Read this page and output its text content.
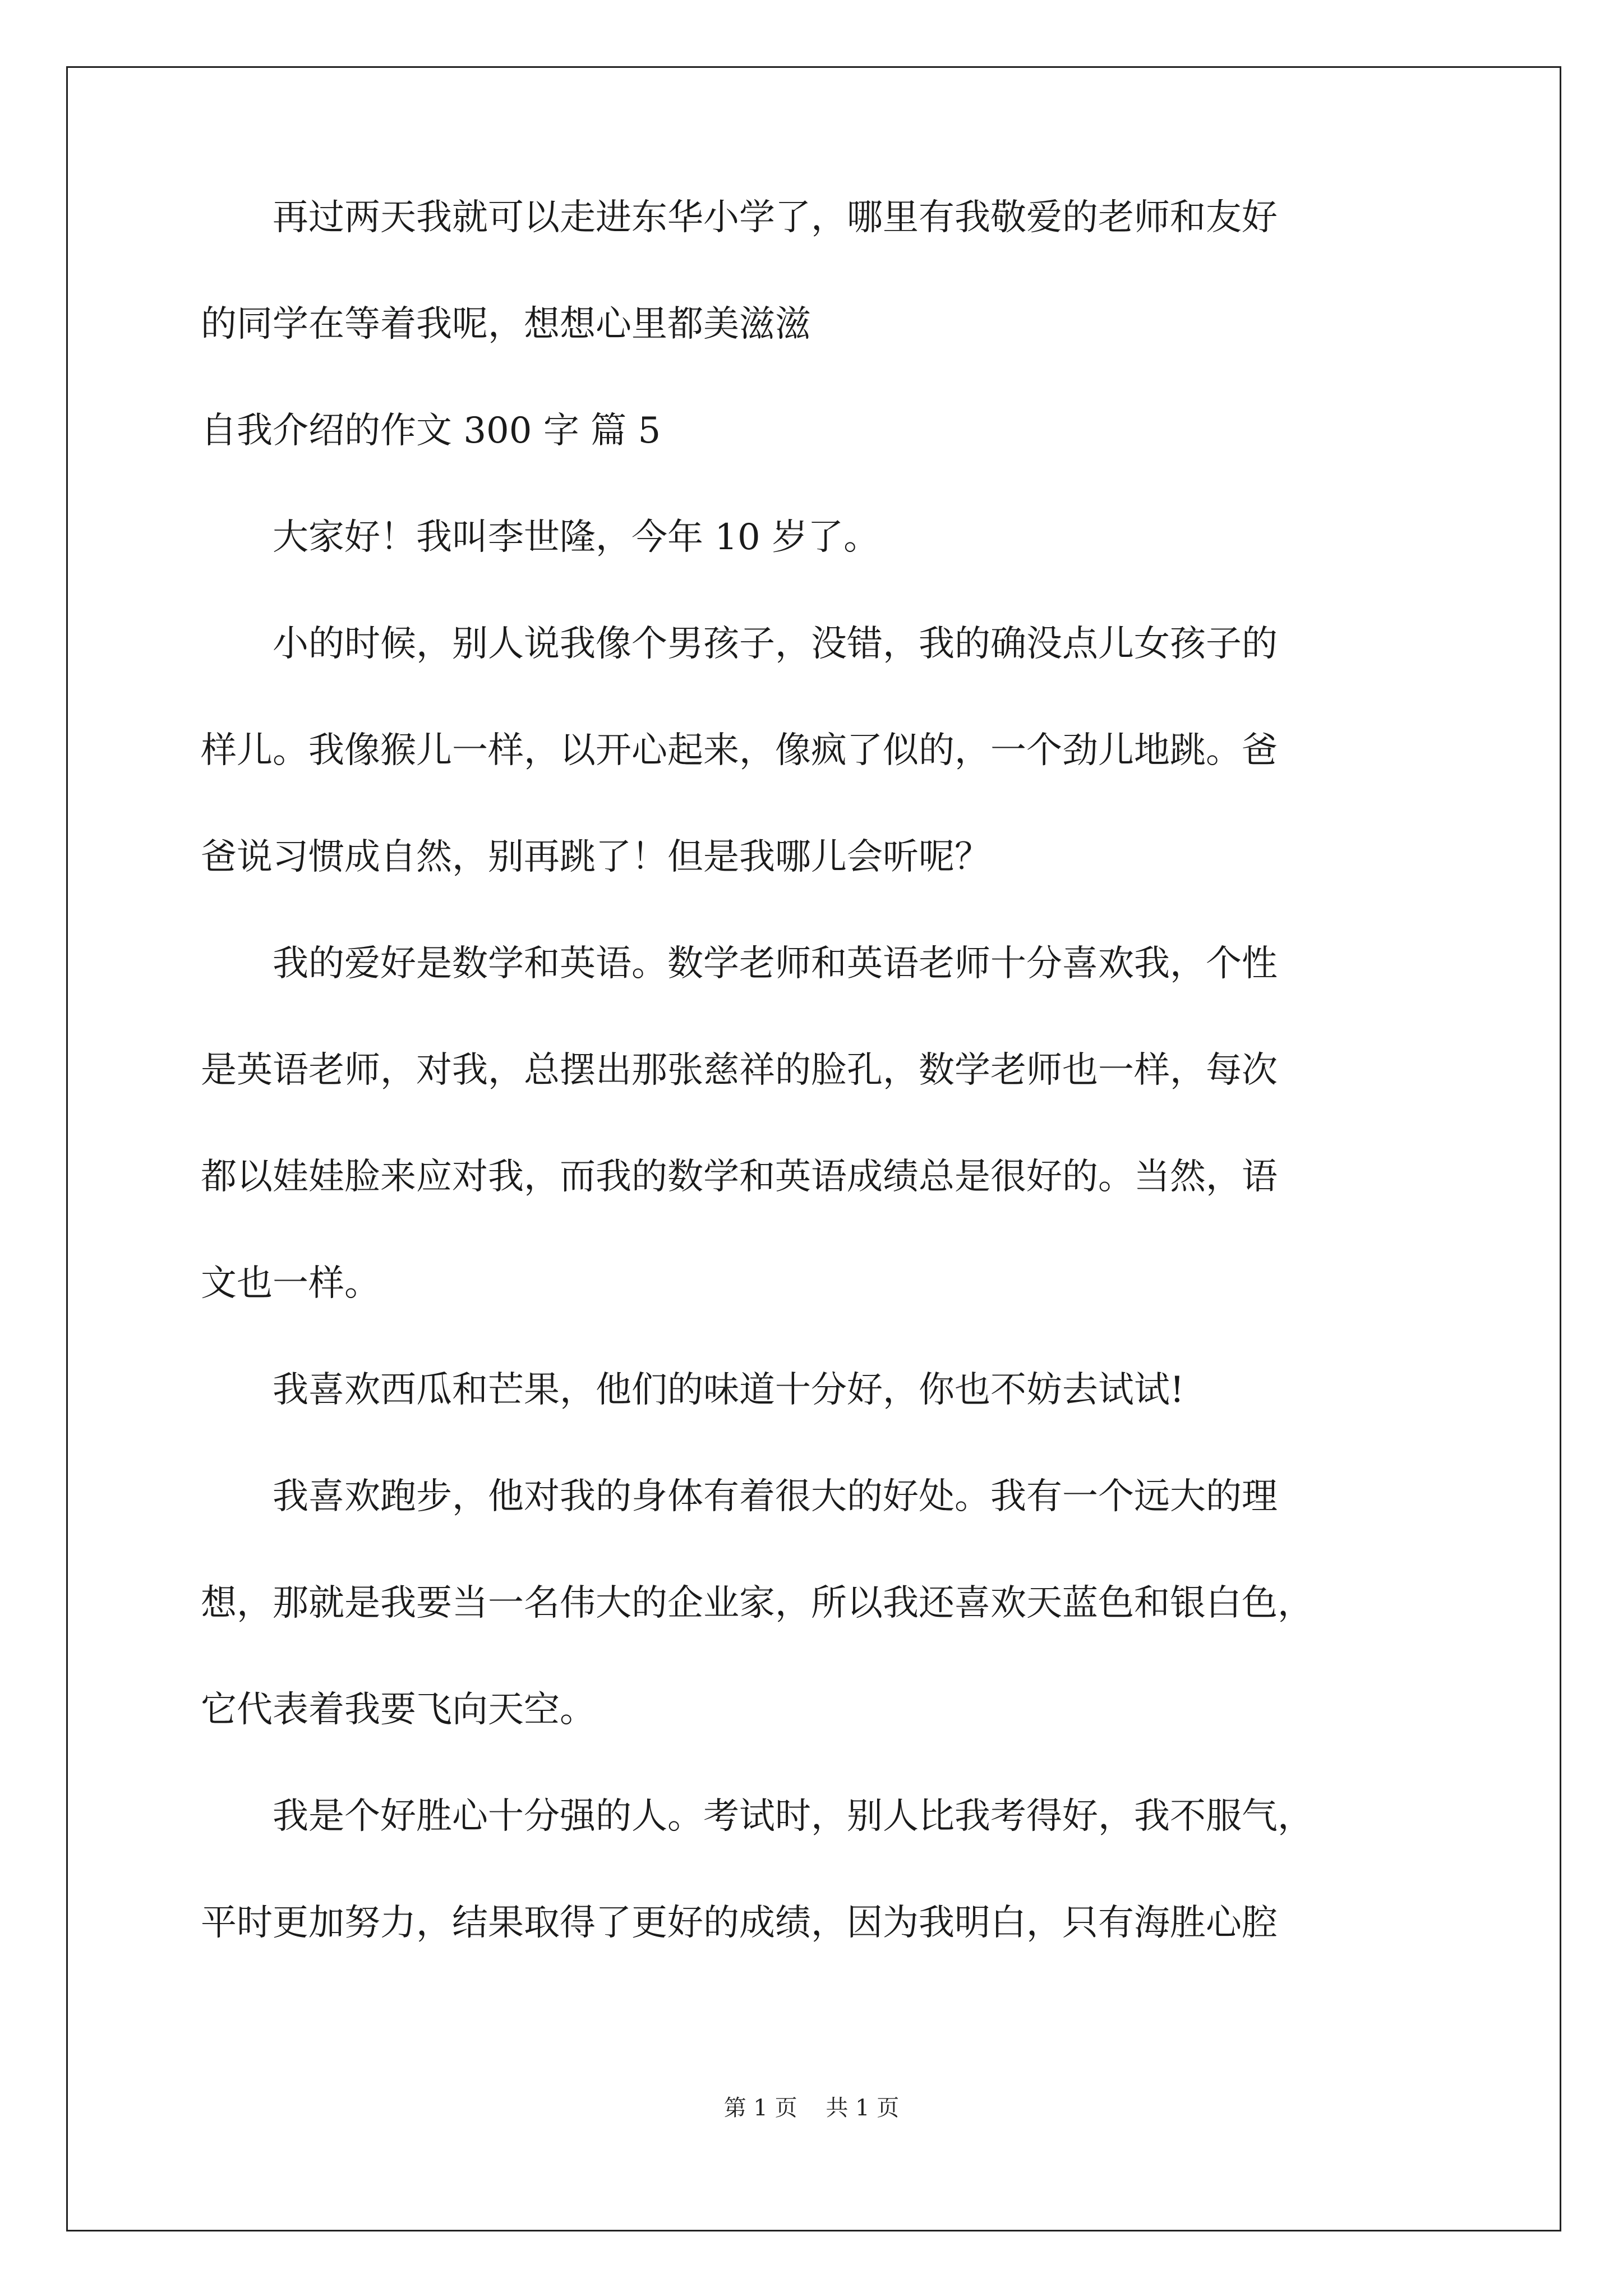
　　再过两天我就可以走进东华小学了，哪里有我敬爱的老师和友好
的同学在等着我呢，想想心里都美滋滋
自我介绍的作文 300 字 篇 5
　　大家好！我叫李世隆，今年 10 岁了。
　　小的时候，别人说我像个男孩子，没错，我的确没点儿女孩子的
样儿。我像猴儿一样，以开心起来，像疯了似的，一个劲儿地跳。爸
爸说习惯成自然，别再跳了！但是我哪儿会听呢？
　　我的爱好是数学和英语。数学老师和英语老师十分喜欢我，个性
是英语老师，对我，总摆出那张慈祥的脸孔，数学老师也一样，每次
都以娃娃脸来应对我，而我的数学和英语成绩总是很好的。当然，语
文也一样。
　　我喜欢西瓜和芒果，他们的味道十分好，你也不妨去试试!
　　我喜欢跑步，他对我的身体有着很大的好处。我有一个远大的理
想，那就是我要当一名伟大的企业家，所以我还喜欢天蓝色和银白色，
它代表着我要飞向天空。
　　我是个好胜心十分强的人。考试时，别人比我考得好，我不服气，
平时更加努力，结果取得了更好的成绩，因为我明白，只有海胜心腔
第 1 页    共 1 页
